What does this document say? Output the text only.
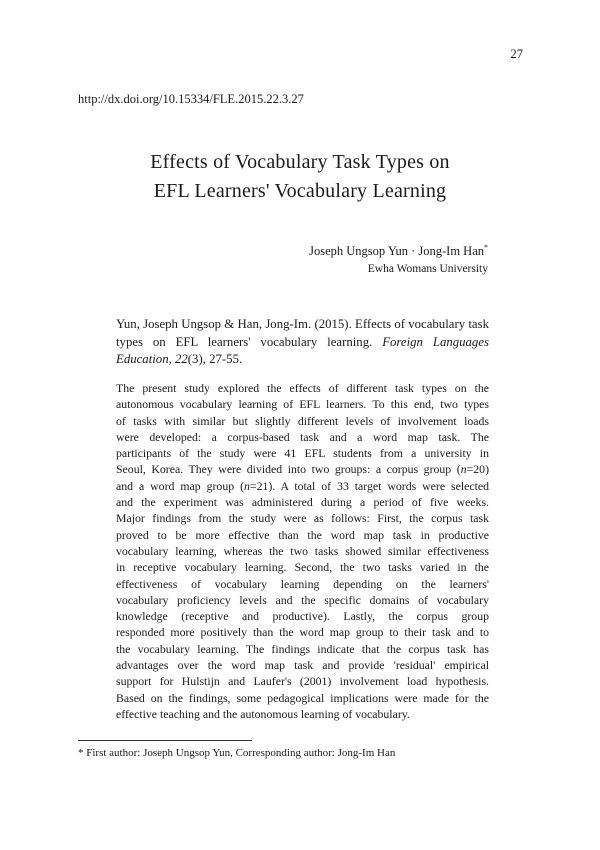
27
http://dx.doi.org/10.15334/FLE.2015.22.3.27
Effects of Vocabulary Task Types on
EFL Learners' Vocabulary Learning
Joseph Ungsop Yun · Jong-Im Han*
Ewha Womans University
Yun, Joseph Ungsop & Han, Jong-Im. (2015). Effects of vocabulary task types on EFL learners' vocabulary learning. Foreign Languages Education, 22(3), 27-55.
The present study explored the effects of different task types on the
autonomous vocabulary learning of EFL learners. To this end, two types
of tasks with similar but slightly different levels of involvement loads
were developed: a corpus-based task and a word map task. The
participants of the study were 41 EFL students from a university in
Seoul, Korea. They were divided into two groups: a corpus group (n=20)
and a word map group (n=21). A total of 33 target words were selected
and the experiment was administered during a period of five weeks.
Major findings from the study were as follows: First, the corpus task
proved to be more effective than the word map task in productive
vocabulary learning, whereas the two tasks showed similar effectiveness
in receptive vocabulary learning. Second, the two tasks varied in the
effectiveness of vocabulary learning depending on the learners'
vocabulary proficiency levels and the specific domains of vocabulary
knowledge (receptive and productive). Lastly, the corpus group
responded more positively than the word map group to their task and to
the vocabulary learning. The findings indicate that the corpus task has
advantages over the word map task and provide 'residual' empirical
support for Hulstijn and Laufer's (2001) involvement load hypothesis.
Based on the findings, some pedagogical implications were made for the
effective teaching and the autonomous learning of vocabulary.
* First author: Joseph Ungsop Yun, Corresponding author: Jong-Im Han
